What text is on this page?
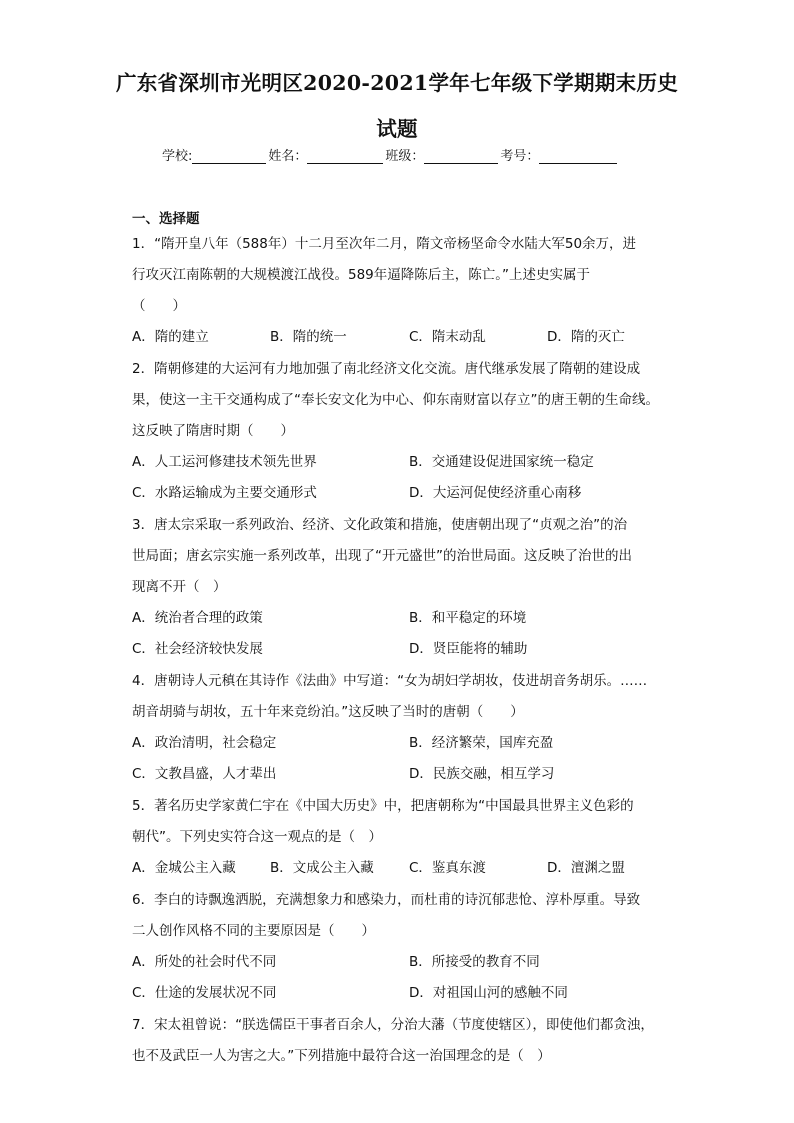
广东省深圳市光明区2020-2021学年七年级下学期期末历史
试题
学校:	姓名：	班级：	考号：
一、选择题
1．“隋开皇八年（588年）十二月至次年二月，隋文帝杨坚命令水陆大军50余万，进
行攻灭江南陈朝的大规模渡江战役。589年逼降陈后主，陈亡。”上述史实属于
（　　）
A．隋的建立	B．隋的统一	C．隋末动乱	D．隋的灭亡
2．隋朝修建的大运河有力地加强了南北经济文化交流。唐代继承发展了隋朝的建设成
果，使这一主干交通构成了“奉长安文化为中心、仰东南财富以存立”的唐王朝的生命线。
这反映了隋唐时期（　　）
A．人工运河修建技术领先世界	B．交通建设促进国家统一稳定
C．水路运输成为主要交通形式	D．大运河促使经济重心南移
3．唐太宗采取一系列政治、经济、文化政策和措施，使唐朝出现了“贞观之治”的治
世局面；唐玄宗实施一系列改革，出现了“开元盛世”的治世局面。这反映了治世的出
现离不开（　）
A．统治者合理的政策	B．和平稳定的环境
C．社会经济较快发展	D．贤臣能将的辅助
4．唐朝诗人元稹在其诗作《法曲》中写道：“女为胡妇学胡妆，伎进胡音务胡乐。……
胡音胡骑与胡妆，五十年来竞纷泊。”这反映了当时的唐朝（　　）
A．政治清明，社会稳定	B．经济繁荣，国库充盈
C．文教昌盛，人才辈出	D．民族交融，相互学习
5．著名历史学家黄仁宇在《中国大历史》中，把唐朝称为“中国最具世界主义色彩的
朝代”。下列史实符合这一观点的是（　）
A．金城公主入藏	B．文成公主入藏	C．鉴真东渡	D．澶渊之盟
6．李白的诗飘逸洒脱，充满想象力和感染力，而杜甫的诗沉郁悲怆、淳朴厚重。导致
二人创作风格不同的主要原因是（　　）
A．所处的社会时代不同	B．所接受的教育不同
C．仕途的发展状况不同	D．对祖国山河的感触不同
7．宋太祖曾说：“朕选儒臣干事者百余人，分治大藩（节度使辖区），即使他们都贪浊，
也不及武臣一人为害之大。”下列措施中最符合这一治国理念的是（　）
